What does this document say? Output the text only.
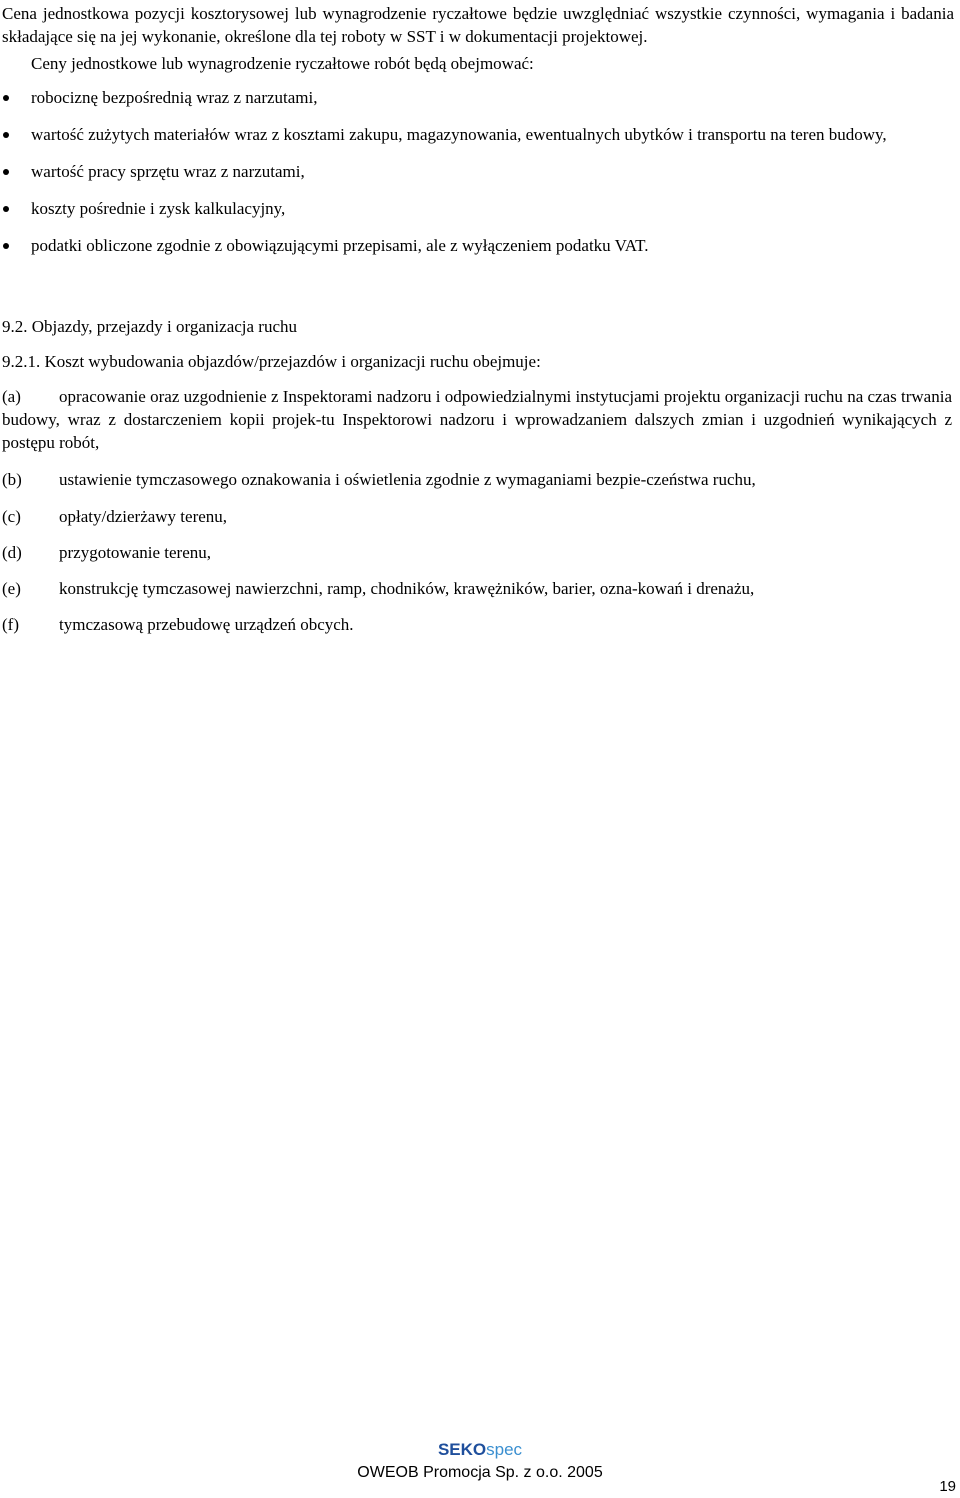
Cena jednostkowa pozycji kosztorysowej lub wynagrodzenie ryczałtowe będzie uwzględniać wszystkie czynności, wymagania i badania składające się na jej wykonanie, określone dla tej roboty w SST i w dokumentacji projektowej.

Ceny jednostkowe lub wynagrodzenie ryczałtowe robót będą obejmować:

robociznę bezpośrednią wraz z narzutami,
wartość zużytych materiałów wraz z kosztami zakupu, magazynowania, ewentualnych ubytków i transportu na teren budowy,
wartość pracy sprzętu wraz z narzutami,
koszty pośrednie i zysk kalkulacyjny,
podatki obliczone zgodnie z obowiązującymi przepisami, ale z wyłączeniem podatku VAT.
9.2. Objazdy, przejazdy i organizacja ruchu
9.2.1. Koszt wybudowania objazdów/przejazdów i organizacji ruchu obejmuje:

(a) opracowanie oraz uzgodnienie z Inspektorami nadzoru i odpowiedzialnymi instytucjami projektu organizacji ruchu na czas trwania budowy, wraz z dostarczeniem kopii projek-tu Inspektorowi nadzoru i wprowadzaniem dalszych zmian i uzgodnień wynikających z postępu robót,

(b) ustawienie tymczasowego oznakowania i oświetlenia zgodnie z wymaganiami bezpie-czeństwa ruchu,

(c) opłaty/dzierżawy terenu,

(d) przygotowanie terenu,

(e) konstrukcję tymczasowej nawierzchni, ramp, chodników, krawężników, barier, ozna-kowań i drenażu,

(f) tymczasową przebudowę urządzeń obcych.

SEKOspec
OWEOB Promocja Sp. z o.o. 2005
19
